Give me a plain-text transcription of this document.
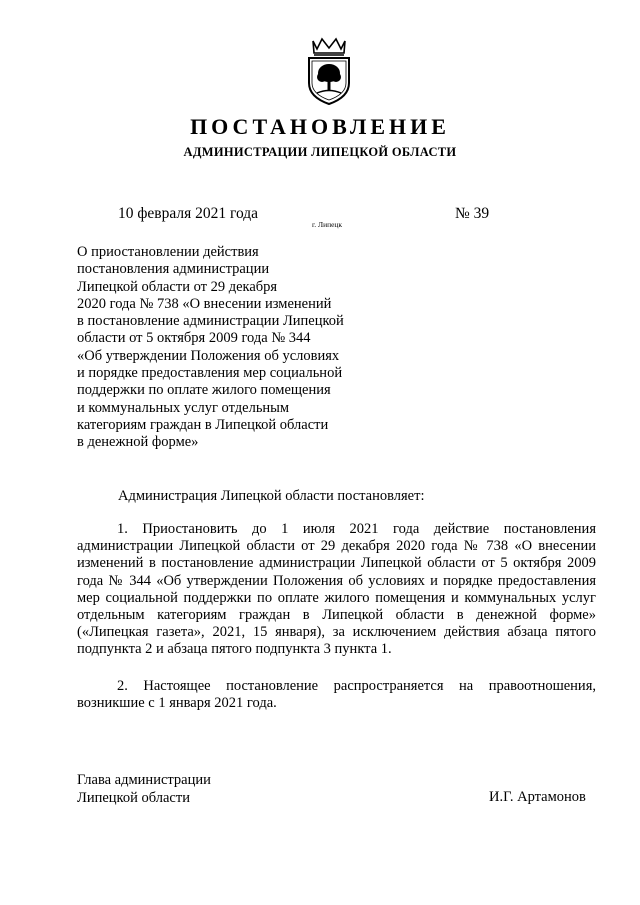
ПОСТАНОВЛЕНИЕ
АДМИНИСТРАЦИИ ЛИПЕЦКОЙ ОБЛАСТИ
10 февраля 2021 года
г. Липецк
№ 39
О приостановлении действия
постановления администрации
Липецкой области от 29 декабря
2020 года № 738 «О внесении изменений
в постановление администрации Липецкой
области от 5 октября 2009 года № 344
«Об утверждении Положения об условиях
и порядке предоставления мер социальной
поддержки по оплате жилого помещения
и коммунальных услуг отдельным
категориям граждан в Липецкой области
в денежной форме»
Администрация Липецкой области постановляет:

1. Приостановить до 1 июля 2021 года действие постановления администрации Липецкой области от 29 декабря 2020 года № 738 «О внесении изменений в постановление администрации Липецкой области от 5 октября 2009 года № 344 «Об утверждении Положения об условиях и порядке предоставления мер социальной поддержки по оплате жилого помещения и коммунальных услуг отдельным категориям граждан в Липецкой области в денежной форме» («Липецкая газета», 2021, 15 января), за исключением действия абзаца пятого подпункта 2 и абзаца пятого подпункта 3 пункта 1.

2. Настоящее постановление распространяется на правоотношения, возникшие с 1 января 2021 года.

Глава администрации
Липецкой области	И.Г. Артамонов
